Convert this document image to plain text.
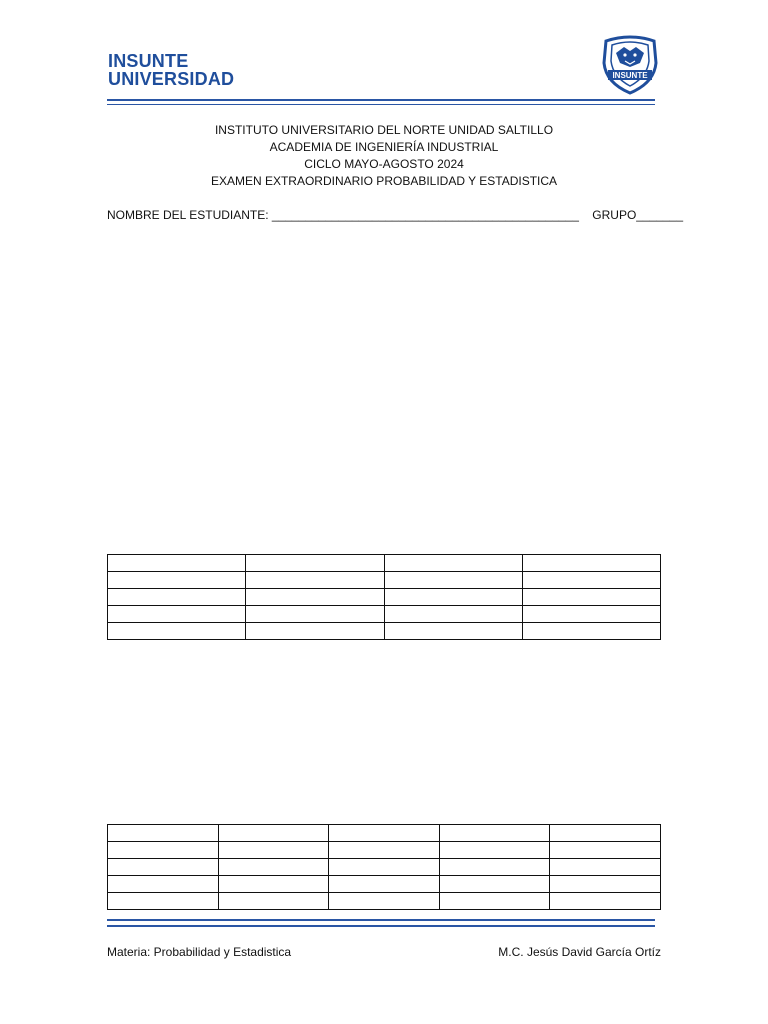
INSUNTE
UNIVERSIDAD	INSUNTE
INSTITUTO UNIVERSITARIO DEL NORTE UNIDAD SALTILLO
ACADEMIA DE INGENIERÍA INDUSTRIAL
CICLO MAYO-AGOSTO 2024
EXAMEN EXTRAORDINARIO PROBABILIDAD Y ESTADISTICA
NOMBRE DEL ESTUDIANTE: ______________________________________________ GRUPO_______

Materia: Probabilidad y Estadistica	M.C. Jesús David García Ortíz
